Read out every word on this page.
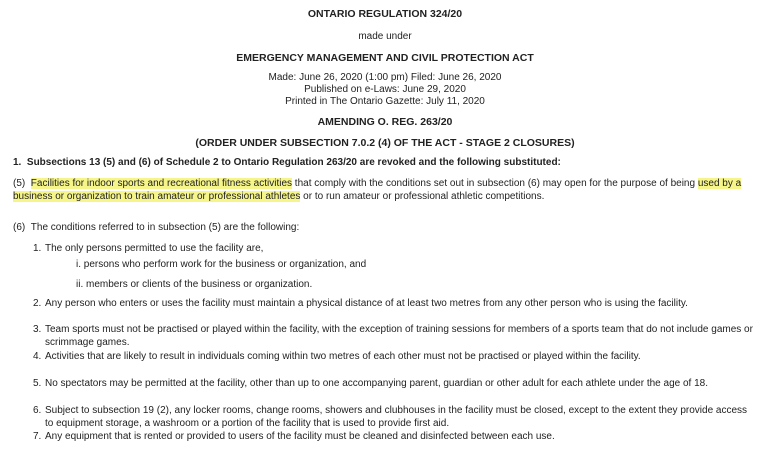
ONTARIO REGULATION 324/20
made under
EMERGENCY MANAGEMENT AND CIVIL PROTECTION ACT
Made: June 26, 2020 (1:00 pm) Filed: June 26, 2020
Published on e-Laws: June 29, 2020
Printed in The Ontario Gazette: July 11, 2020
AMENDING O. REG. 263/20
(ORDER UNDER SUBSECTION 7.0.2 (4) OF THE ACT - STAGE 2 CLOSURES)
1. Subsections 13 (5) and (6) of Schedule 2 to Ontario Regulation 263/20 are revoked and the following substituted:
(5) Facilities for indoor sports and recreational fitness activities that comply with the conditions set out in subsection (6) may open for the purpose of being used by a business or organization to train amateur or professional athletes or to run amateur or professional athletic competitions.
(6) The conditions referred to in subsection (5) are the following:
1. The only persons permitted to use the facility are,
i. persons who perform work for the business or organization, and
ii. members or clients of the business or organization.
2. Any person who enters or uses the facility must maintain a physical distance of at least two metres from any other person who is using the facility.
3. Team sports must not be practised or played within the facility, with the exception of training sessions for members of a sports team that do not include games or scrimmage games.
4. Activities that are likely to result in individuals coming within two metres of each other must not be practised or played within the facility.
5. No spectators may be permitted at the facility, other than up to one accompanying parent, guardian or other adult for each athlete under the age of 18.
6. Subject to subsection 19 (2), any locker rooms, change rooms, showers and clubhouses in the facility must be closed, except to the extent they provide access to equipment storage, a washroom or a portion of the facility that is used to provide first aid.
7. Any equipment that is rented or provided to users of the facility must be cleaned and disinfected between each use.
